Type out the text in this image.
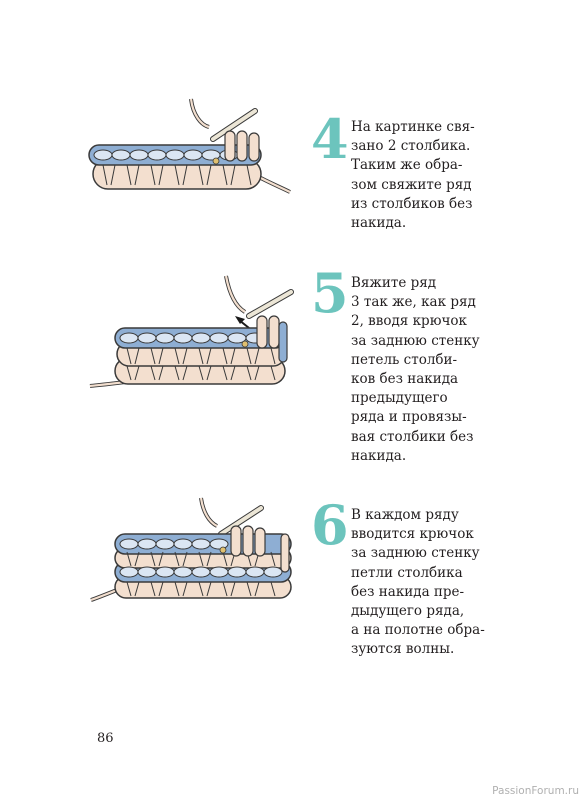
4 На картинке свя-
зано 2 столбика.
Таким же обра-
зом свяжите ряд
из столбиков без
накида.
5 Вяжите ряд
3 так же, как ряд
2, вводя крючок
за заднюю стенку
петель столби-
ков без накида
предыдущего
ряда и провязы-
вая столбики без
накида.
6 В каждом ряду
вводится крючок
за заднюю стенку
петли столбика
без накида пре-
дыдущего ряда,
а на полотне обра-
зуются волны.
86
PassionForum.ru
